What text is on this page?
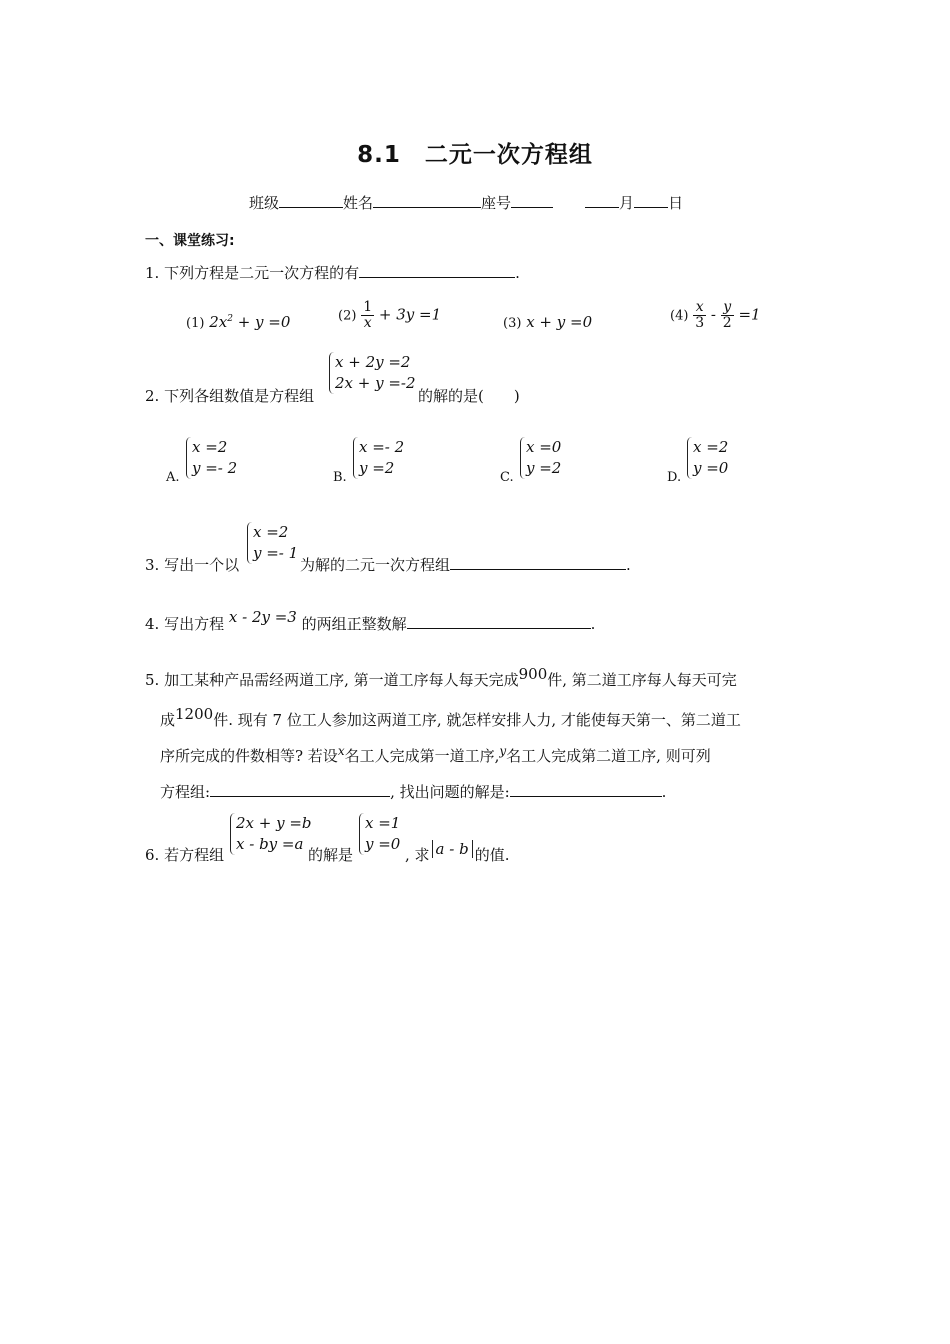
8.1　二元一次方程组
班级	姓名	座号	月 日
一、课堂练习:
1. 下列方程是二元一次方程的有	.
(1) $2x^2 + y =0$	$(2) \frac{1}{x} + 3y =1$	(3) x + y =0	$(4) \frac{x}{3} - \frac{y}{2} =1$
2. 下列各组数值是方程组
x + 2y =2
2x + y =-2
的解的是(　　)
A.
x =2
y =- 2
B.
x =- 2
y =2
C.
x =0
y =2
D.
x =2
y =0
3. 写出一个以
x =2
y =- 1
为解的二元一次方程组	.
4. 写出方程 x - 2y =3 的两组正整数解	.
5. 加工某种产品需经两道工序, 第一道工序每人每天完成900件, 第二道工序每人每天可完
成1200件. 现有 7 位工人参加这两道工序, 就怎样安排人力, 才能使每天第一、第二道工
序所完成的件数相等? 若设$^x$名工人完成第一道工序,$^y$名工人完成第二道工序, 则可列
方程组:	, 找出问题的解是:	.
6. 若方程组
2x + y =b
x - by =a
的解是
x =1
y =0
, 求 a - b 的值.
